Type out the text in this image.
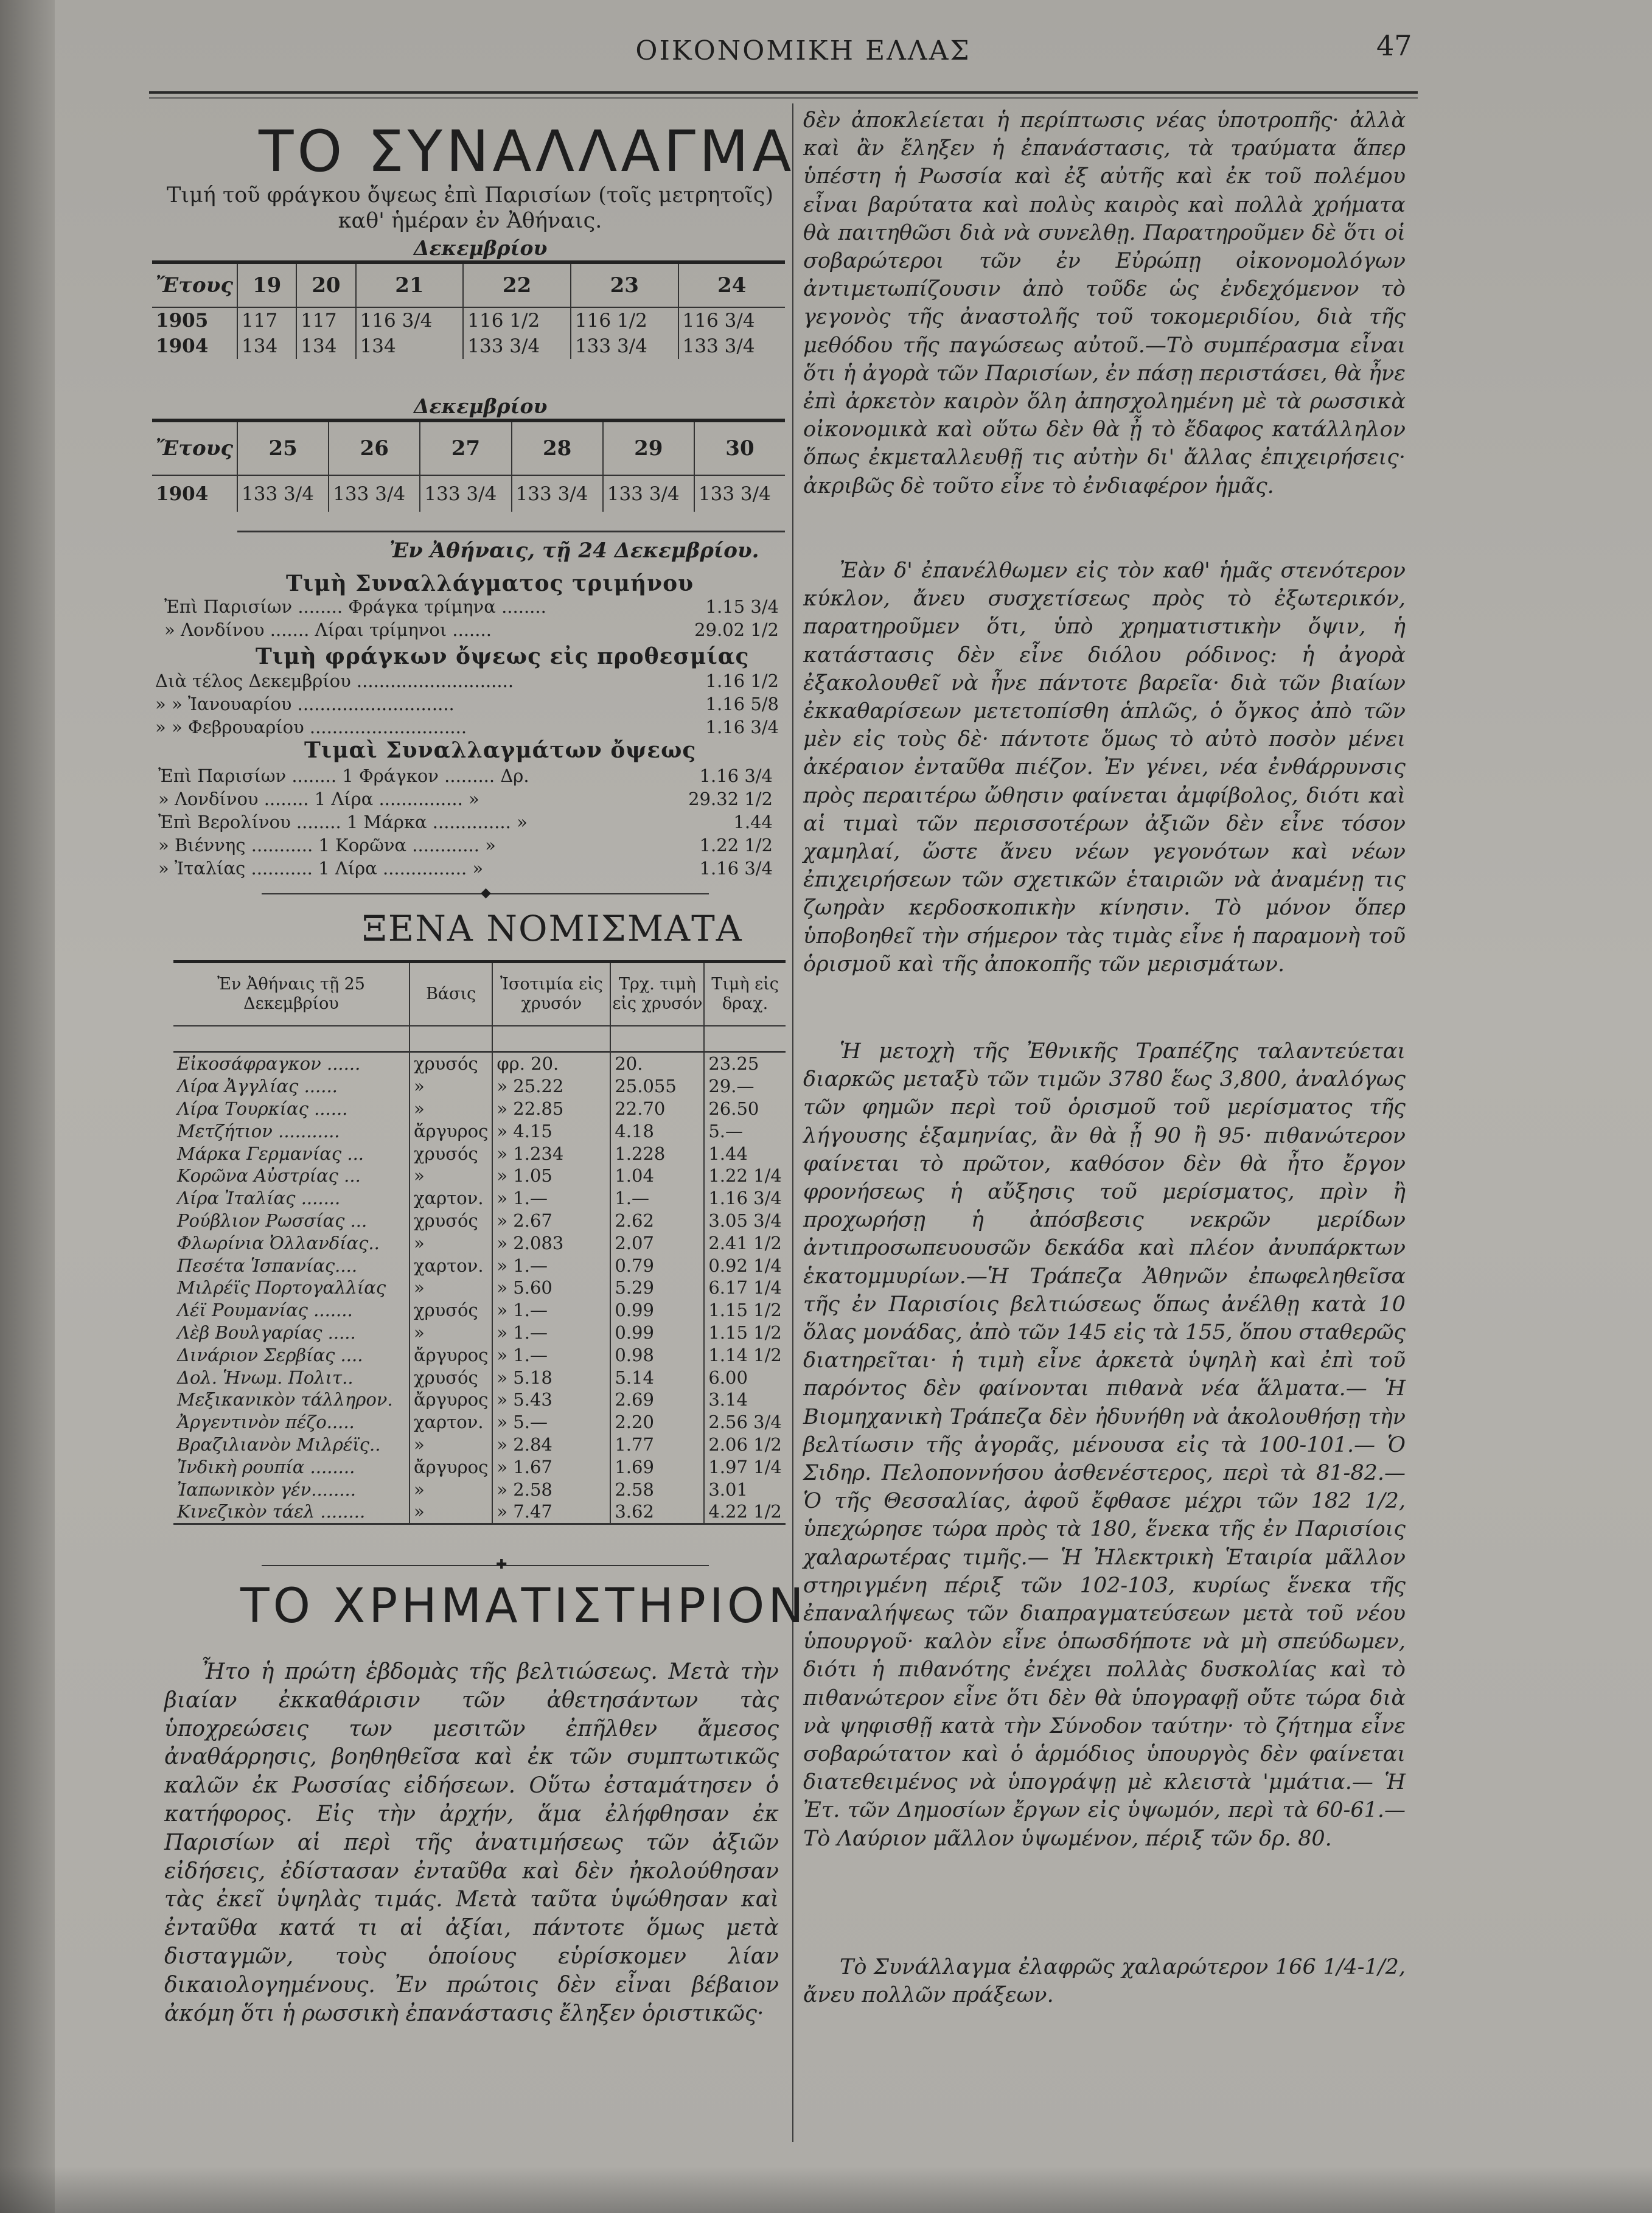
ΟΙΚΟΝΟΜΙΚΗ ΕΛΛΑΣ	47
ΤΟ ΣΥΝΑΛΛΑΓΜΑ
Τιμή τοῦ φράγκου ὄψεως ἐπὶ Παρισίων (τοῖς μετρητοῖς)
καθ' ἡμέραν ἐν Ἀθήναις.
Δεκεμβρίου
Ἔτους	19	20	21	22	23	24
1905	117	117	116 3/4	116 1/2	116 1/2	116 3/4
1904	134	134	134	133 3/4	133 3/4	133 3/4
Δεκεμβρίου
Ἔτους	25	26	27	28	29	30
1904	133 3/4	133 3/4	133 3/4	133 3/4	133 3/4	133 3/4
Ἐν Ἀθήναις, τῇ 24 Δεκεμβρίου.
Τιμὴ Συναλλάγματος τριμήνου
Ἐπὶ Παρισίων ........ Φράγκα τρίμηνα ........	1.15 3/4
» Λονδίνου ....... Λίραι τρίμηνοι .......	29.02 1/2
Τιμὴ φράγκων ὄψεως εἰς προθεσμίας
Διὰ τέλος Δεκεμβρίου ............................	1.16 1/2
» » Ἰανουαρίου ............................	1.16 5/8
» » Φεβρουαρίου ............................	1.16 3/4
Τιμαὶ Συναλλαγμάτων ὄψεως
Ἐπὶ Παρισίων ........ 1 Φράγκον ......... Δρ.	1.16 3/4
» Λονδίνου ........ 1 Λίρα ............... »	29.32 1/2
Ἐπὶ Βερολίνου ........ 1 Μάρκα .............. »	1.44
» Βιέννης ........... 1 Κορῶνα ............ »	1.22 1/2
» Ἰταλίας ........... 1 Λίρα ............... »	1.16 3/4
◆
ΞΕΝΑ ΝΟΜΙΣΜΑΤΑ
Ἐν Ἀθήναις τῇ 25 Δεκεμβρίου	Βάσις	Ἰσοτιμία εἰς χρυσόν	Τρχ. τιμὴ εἰς χρυσόν	Τιμὴ εἰς δραχ.

Εἰκοσάφραγκον ......	χρυσός	φρ. 20.	20.	23.25
Λίρα Ἀγγλίας ......	»	» 25.22	25.055	29.—
Λίρα Τουρκίας ......	»	» 22.85	22.70	26.50
Μετζήτιον ...........	ἄργυρος	» 4.15	4.18	5.—
Μάρκα Γερμανίας ...	χρυσός	» 1.234	1.228	1.44
Κορῶνα Αὐστρίας ...	»	» 1.05	1.04	1.22 1/4
Λίρα Ἰταλίας .......	χαρτον.	» 1.—	1.—	1.16 3/4
Ρούβλιον Ρωσσίας ...	χρυσός	» 2.67	2.62	3.05 3/4
Φλωρίνια Ὀλλανδίας..	»	» 2.083	2.07	2.41 1/2
Πεσέτα Ἱσπανίας....	χαρτον.	» 1.—	0.79	0.92 1/4
Μιλρέϊς Πορτογαλλίας	»	» 5.60	5.29	6.17 1/4
Λέϊ Ρουμανίας .......	χρυσός	» 1.—	0.99	1.15 1/2
Λὲβ Βουλγαρίας .....	»	» 1.—	0.99	1.15 1/2
Δινάριον Σερβίας ....	ἄργυρος	» 1.—	0.98	1.14 1/2
Δολ. Ἡνωμ. Πολιτ..	χρυσός	» 5.18	5.14	6.00
Μεξικανικὸν τάλληρον.	ἄργυρος	» 5.43	2.69	3.14
Ἀργεντινὸν πέζο.....	χαρτον.	» 5.—	2.20	2.56 3/4
Βραζιλιανὸν Μιλρέϊς..	»	» 2.84	1.77	2.06 1/2
Ἰνδικὴ ρουπία ........	ἄργυρος	» 1.67	1.69	1.97 1/4
Ἰαπωνικὸν γέν........	»	» 2.58	2.58	3.01
Κινεζικὸν τάελ ........	»	» 7.47	3.62	4.22 1/2
✚
ΤΟ ΧΡΗΜΑΤΙΣΤΗΡΙΟΝ
Ἦτο ἡ πρώτη ἑβδομὰς τῆς βελτιώσεως. Μετὰ τὴν βιαίαν ἐκκαθάρισιν τῶν ἀθετησάντων τὰς ὑποχρεώσεις των μεσιτῶν ἐπῆλθεν ἄμεσος ἀναθάρρησις, βοηθηθεῖσα καὶ ἐκ τῶν συμπτωτικῶς καλῶν ἐκ Ρωσσίας εἰδήσεων. Οὕτω ἐσταμάτησεν ὁ κατήφορος. Εἰς τὴν ἀρχήν, ἅμα ἐλήφθησαν ἐκ Παρισίων αἱ περὶ τῆς ἀνατιμήσεως τῶν ἀξιῶν εἰδήσεις, ἐδίστασαν ἐνταῦθα καὶ δὲν ἠκολούθησαν τὰς ἐκεῖ ὑψηλὰς τιμάς. Μετὰ ταῦτα ὑψώθησαν καὶ ἐνταῦθα κατά τι αἱ ἀξίαι, πάντοτε ὅμως μετὰ δισταγμῶν, τοὺς ὁποίους εὑρίσκομεν λίαν δικαιολογημένους. Ἐν πρώτοις δὲν εἶναι βέβαιον ἀκόμη ὅτι ἡ ρωσσικὴ ἐπανάστασις ἔληξεν ὁριστικῶς·
δὲν ἀποκλείεται ἡ περίπτωσις νέας ὑποτροπῆς· ἀλλὰ καὶ ἂν ἔληξεν ἡ ἐπανάστασις, τὰ τραύματα ἅπερ ὑπέστη ἡ Ρωσσία καὶ ἐξ αὐτῆς καὶ ἐκ τοῦ πολέμου εἶναι βαρύτατα καὶ πολὺς καιρὸς καὶ πολλὰ χρήματα θὰ παιτηθῶσι διὰ νὰ συνελθῃ. Παρατηροῦμεν δὲ ὅτι οἱ σοβαρώτεροι τῶν ἐν Εὐρώπῃ οἰκονομολόγων ἀντιμετωπίζουσιν ἀπὸ τοῦδε ὡς ἐνδεχόμενον τὸ γεγονὸς τῆς ἀναστολῆς τοῦ τοκομεριδίου, διὰ τῆς μεθόδου τῆς παγώσεως αὐτοῦ.—Τὸ συμπέρασμα εἶναι ὅτι ἡ ἀγορὰ τῶν Παρισίων, ἐν πάσῃ περιστάσει, θὰ ἦνε ἐπὶ ἀρκετὸν καιρὸν ὅλη ἀπησχολημένη μὲ τὰ ρωσσικὰ οἰκονομικὰ καὶ οὕτω δὲν θὰ ᾖ τὸ ἔδαφος κατάλληλον ὅπως ἐκμεταλλευθῇ τις αὐτὴν δι' ἄλλας ἐπιχειρήσεις· ἀκριβῶς δὲ τοῦτο εἶνε τὸ ἐνδιαφέρον ἡμᾶς.
Ἐὰν δ' ἐπανέλθωμεν εἰς τὸν καθ' ἡμᾶς στενότερον κύκλον, ἄνευ συσχετίσεως πρὸς τὸ ἐξωτερικόν, παρατηροῦμεν ὅτι, ὑπὸ χρηματιστικὴν ὄψιν, ἡ κατάστασις δὲν εἶνε διόλου ρόδινος: ἡ ἀγορὰ ἐξακολουθεῖ νὰ ἦνε πάντοτε βαρεῖα· διὰ τῶν βιαίων ἐκκαθαρίσεων μετετοπίσθη ἁπλῶς, ὁ ὄγκος ἀπὸ τῶν μὲν εἰς τοὺς δὲ· πάντοτε ὅμως τὸ αὐτὸ ποσὸν μένει ἀκέραιον ἐνταῦθα πιέζον. Ἐν γένει, νέα ἐνθάρρυνσις πρὸς περαιτέρω ὤθησιν φαίνεται ἀμφίβολος, διότι καὶ αἱ τιμαὶ τῶν περισσοτέρων ἀξιῶν δὲν εἶνε τόσον χαμηλαί, ὥστε ἄνευ νέων γεγονότων καὶ νέων ἐπιχειρήσεων τῶν σχετικῶν ἑταιριῶν νὰ ἀναμένῃ τις ζωηρὰν κερδοσκοπικὴν κίνησιν. Τὸ μόνον ὅπερ ὑποβοηθεῖ τὴν σήμερον τὰς τιμὰς εἶνε ἡ παραμονὴ τοῦ ὁρισμοῦ καὶ τῆς ἀποκοπῆς τῶν μερισμάτων.
Ἡ μετοχὴ τῆς Ἐθνικῆς Τραπέζης ταλαντεύεται διαρκῶς μεταξὺ τῶν τιμῶν 3780 ἕως 3,800, ἀναλόγως τῶν φημῶν περὶ τοῦ ὁρισμοῦ τοῦ μερίσματος τῆς λήγουσης ἑξαμηνίας, ἂν θὰ ᾖ 90 ἢ 95· πιθανώτερον φαίνεται τὸ πρῶτον, καθόσον δὲν θὰ ἦτο ἔργον φρονήσεως ἡ αὔξησις τοῦ μερίσματος, πρὶν ἢ προχωρήσῃ ἡ ἀπόσβεσις νεκρῶν μερίδων ἀντιπροσωπευουσῶν δεκάδα καὶ πλέον ἀνυπάρκτων ἑκατομμυρίων.—Ἡ Τράπεζα Ἀθηνῶν ἐπωφεληθεῖσα τῆς ἐν Παρισίοις βελτιώσεως ὅπως ἀνέλθῃ κατὰ 10 ὅλας μονάδας, ἀπὸ τῶν 145 εἰς τὰ 155, ὅπου σταθερῶς διατηρεῖται· ἡ τιμὴ εἶνε ἀρκετὰ ὑψηλὴ καὶ ἐπὶ τοῦ παρόντος δὲν φαίνονται πιθανὰ νέα ἅλματα.— Ἡ Βιομηχανικὴ Τράπεζα δὲν ἠδυνήθη νὰ ἀκολουθήσῃ τὴν βελτίωσιν τῆς ἀγορᾶς, μένουσα εἰς τὰ 100-101.— Ὁ Σιδηρ. Πελοποννήσου ἀσθενέστερος, περὶ τὰ 81-82.— Ὁ τῆς Θεσσαλίας, ἀφοῦ ἔφθασε μέχρι τῶν 182 1/2, ὑπεχώρησε τώρα πρὸς τὰ 180, ἕνεκα τῆς ἐν Παρισίοις χαλαρωτέρας τιμῆς.— Ἡ Ἠλεκτρικὴ Ἑταιρία μᾶλλον στηριγμένη πέριξ τῶν 102-103, κυρίως ἕνεκα τῆς ἐπαναλήψεως τῶν διαπραγματεύσεων μετὰ τοῦ νέου ὑπουργοῦ· καλὸν εἶνε ὁπωσδήποτε νὰ μὴ σπεύδωμεν, διότι ἡ πιθανότης ἐνέχει πολλὰς δυσκολίας καὶ τὸ πιθανώτερον εἶνε ὅτι δὲν θὰ ὑπογραφῇ οὔτε τώρα διὰ νὰ ψηφισθῇ κατὰ τὴν Σύνοδον ταύτην· τὸ ζήτημα εἶνε σοβαρώτατον καὶ ὁ ἁρμόδιος ὑπουργὸς δὲν φαίνεται διατεθειμένος νὰ ὑπογράψῃ μὲ κλειστὰ 'μμάτια.— Ἡ Ἐτ. τῶν Δημοσίων ἔργων εἰς ὑψωμόν, περὶ τὰ 60-61.— Τὸ Λαύριον μᾶλλον ὑψωμένον, πέριξ τῶν δρ. 80.
Τὸ Συνάλλαγμα ἐλαφρῶς χαλαρώτερον 166 1/4-1/2, ἄνευ πολλῶν πράξεων.
